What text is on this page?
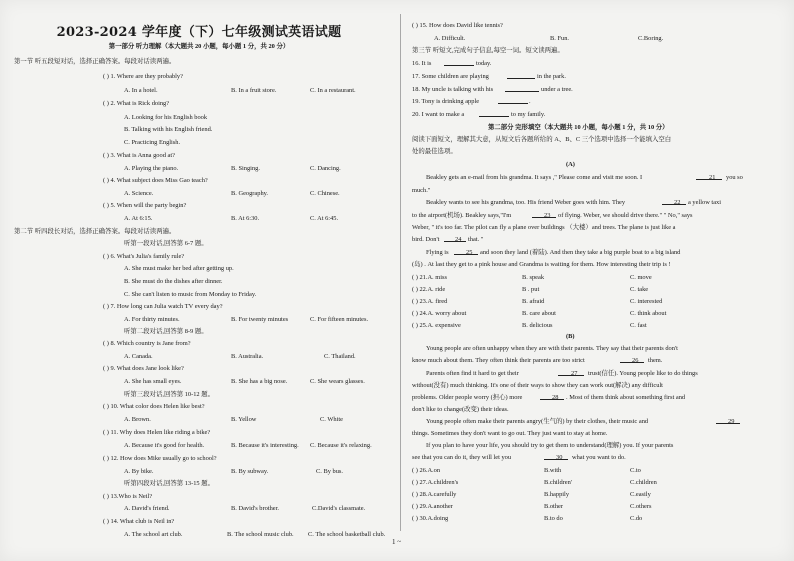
2023-2024 学年度（下）七年级测试英语试题
第一部分 听力理解（本大题共 20 小题，每小题 1 分，共 20 分）
第一节 听五段短对话，选择正确答案。每段对话读两遍。
( ) 1. Where are they probably?
A. In a hotel.	B. In a fruit store.	C. In a restaurant.
( ) 2. What is Rick doing?
A. Looking for his English book
B. Talking with his English friend.
C. Practicing English.
( ) 3. What is Anna good at?
A. Playing the piano.	B. Singing.	C. Dancing.
( ) 4. What subject does Miss Gao teach?
A. Science.	B. Geography.	C. Chinese.
( ) 5. When will the party begin?
A. At 6:15.	B. At 6:30.	C. At 6:45.
第二节 听四段长对话，选择正确答案。每段对话读两遍。
听第一段对话,回答第 6-7 题。
( ) 6. What's Julia's family rule?
A. She must make her bed after getting up.
B. She must do the dishes after dinner.
C. She can't listen to music from Monday to Friday.
( ) 7. How long can Julia watch TV every day?
A. For thirty minutes.	B. For twenty minutes	C. For fifteen minutes.
听第二段对话,回答第 8-9 题。
( ) 8. Which country is Jane from?
A. Canada.	B. Australia.	C. Thailand.
( ) 9. What does Jane look like?
A. She has small eyes.	B. She has a big nose.	C. She wears glasses.
听第三段对话,回答第 10-12 题。
( ) 10. What color does Helen like best?
A. Brown.	B. Yellow	C. White
( ) 11. Why does Helen like riding a bike?
A. Because it's good for health.	B. Because it's interesting. C. Because it's relaxing.
( ) 12. How does Mike usually go to school?
A. By bike.	B. By subway.	C. By bus.
听第四段对话,回答第 13-15 题。
( ) 13.Who is Neil?
A. David's friend.	B. David's brother.	C.David's classmate.
( ) 14. What club is Neil in?
A. The school art club.	B. The school music club. C. The school basketball club.
( ) 15. How does David like tennis?
A. Difficult.	B. Fun.	C.Boring.
第三节 听短文,完成句子信息,每空一词。短文读两遍。
16. It is	today.
17. Some children are playing	in the park.
18. My uncle is talking with his	under a tree.
19. Tony is drinking apple	.
20. I want to make a	to my family.
第二部分 完形填空（本大题共 10 小题，每小题 1 分，共 10 分）
阅读下面短文，理解其大意，从短文后各题所给的 A、B、C 三个选项中选择一个能填入空白
处的最佳选项。
(A)
Beakley gets an e-mail from his grandma. It says ," Please come and visit me soon. I	21 you so
much."
Beakley wants to see his grandma, too. His friend Weber goes with him. They	22 a yellow taxi
to the airport(机场). Beakley says,"I'm	23 of flying. Weber, we should drive there." " No," says
Weber, " it's too far. The pilot can fly a plane over buildings （大楼）and trees. The plane is just like a
bird. Don't 24 that. "
Flying is	25 and soon they land (着陆). And then they take a big purple boat to a big island
(岛) . At last they get to a pink house and Grandma is waiting for them. How interesting their trip is !
( ) 21.A. miss	B. speak	C. move
( ) 22.A. ride	B . put	C. take
( ) 23.A. fired	B. afraid	C. interested
( ) 24.A. worry about	B. care about	C. think about
( ) 25.A. expensive	B. delicious	C. fast
(B)
Young people are often unhappy when they are with their parents. They say that their parents don't
know much about them. They often think their parents are too strict	26 them.
Parents often find it hard to get their	27 trust(信任). Young people like to do things
without(没有) much thinking. It's one of their ways to show they can work out(解决) any difficult
problems. Older people worry (担心) more	28 . Most of them think about something first and
don't like to change(改变) their ideas.
Young people often make their parents angry(生气的) by their clothes, their music and	29
things. Sometimes they don't want to go out. They just want to stay at home.
If you plan to have your life, you should try to get them to understand(理解) you. If your parents
see that you can do it, they will let you	30 what you want to do.
( ) 26.A.on	B.with	C.to
( ) 27.A.children's	B.children'	C.children
( ) 28.A.carefully	B.happily	C.easily
( ) 29.A.another	B.other	C.others
( ) 30.A.doing	B.to do	C.do
1 ~
